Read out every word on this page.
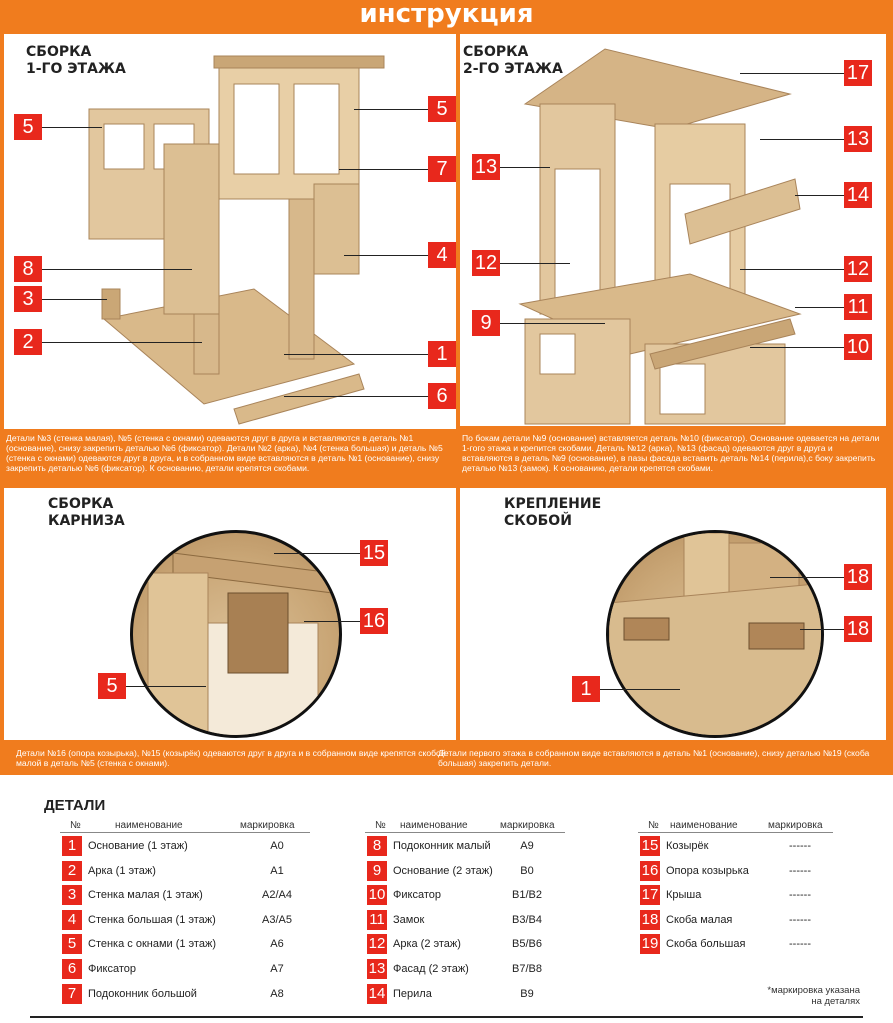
инструкция
СБОРКА
1-ГО ЭТАЖА
5
8
3
2
5
7
4
1
6
Детали №3 (стенка малая), №5 (стенка с окнами) одеваются друг в друга и вставляются в деталь №1 (основание), снизу закрепить деталью №6 (фиксатор). Детали №2 (арка), №4 (стенка большая) и деталь №5 (стенка с окнами) одеваются друг в друга, и в собранном виде вставляются в деталь №1 (основание), снизу закрепить деталью №6 (фиксатор). К основанию, детали крепятся скобами.
СБОРКА
2-ГО ЭТАЖА
13
12
9
17
13
14
12
11
10
По бокам детали №9 (основание) вставляется деталь №10 (фиксатор). Основание одевается на детали 1-гого этажа и крепится скобами. Деталь №12 (арка), №13 (фасад) одеваются друг в друга и вставляются в деталь №9 (основание), в пазы фасада вставить деталь №14 (перила),с боку закрепить деталью №13 (замок). К основанию, детали крепятся скобами.
СБОРКА
КАРНИЗА
15
16
5
Детали №16 (опора козырька), №15 (козырёк) одеваются друг в друга и в собранном виде крепятся скобой малой в деталь №5 (стенка с окнами).
КРЕПЛЕНИЕ
СКОБОЙ
18
18
1
Детали первого этажа в собранном виде вставляются в деталь №1 (основание), снизу деталью №19 (скоба большая) закрепить детали.
ДЕТАЛИ
№	наименование	маркировка
1	Основание (1 этаж)	A0
2	Арка (1 этаж)	A1
3	Стенка малая (1 этаж)	A2/A4
4	Стенка большая (1 этаж)	A3/A5
5	Стенка с окнами (1 этаж)	A6
6	Фиксатор	A7
7	Подоконник большой	A8
№ наименование	маркировка
8	Подоконник малый	A9
9	Основание (2 этаж)	B0
10 Фиксатор	B1/B2
11 Замок	B3/B4
12 Арка (2 этаж)	B5/B6
13 Фасад (2 этаж)	B7/B8
14 Перила	B9
№ наименование	маркировка
15 Козырёк	------
16 Опора козырька	------
17 Крыша	------
18 Скоба малая	------
19 Скоба большая	------
*маркировка указана
на деталях
